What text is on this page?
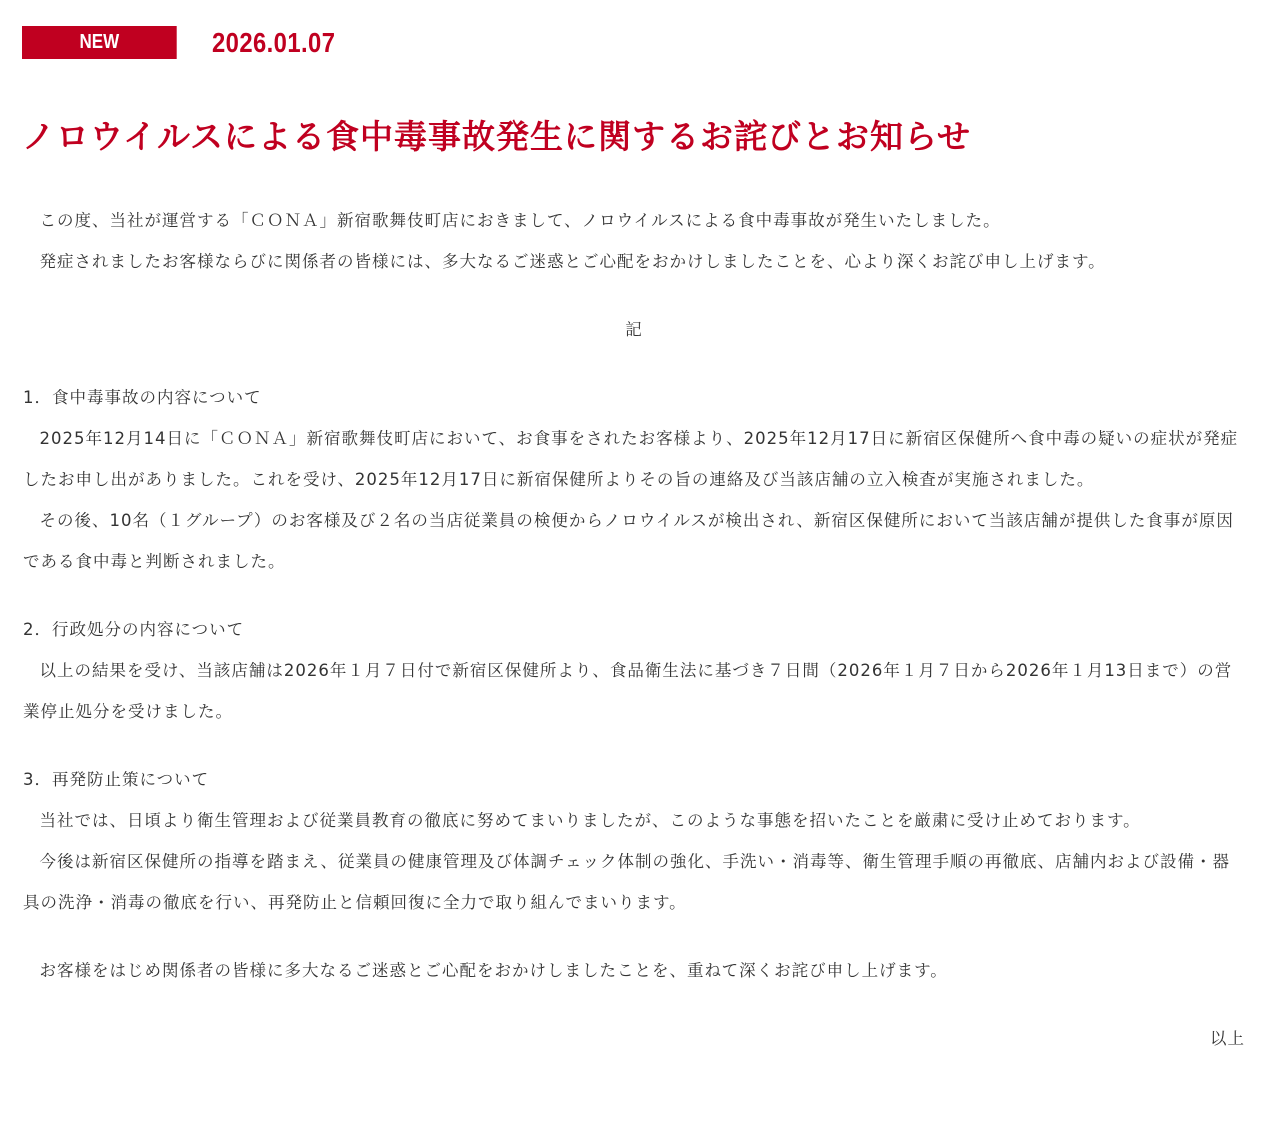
NEW	2026.01.07
ノロウイルスによる食中毒事故発生に関するお詫びとお知らせ

この度、当社が運営する「ＣＯＮＡ」新宿歌舞伎町店におきまして、ノロウイルスによる食中毒事故が発生いたしました。

発症されましたお客様ならびに関係者の皆様には、多大なるご迷惑とご心配をおかけしましたことを、心より深くお詫び申し上げます。

記

1．食中毒事故の内容について

2025年12月14日に「ＣＯＮＡ」新宿歌舞伎町店において、お食事をされたお客様より、2025年12月17日に新宿区保健所へ食中毒の疑いの症状が発症したお申し出がありました。これを受け、2025年12月17日に新宿保健所よりその旨の連絡及び当該店舗の立入検査が実施されました。

その後、10名（１グループ）のお客様及び２名の当店従業員の検便からノロウイルスが検出され、新宿区保健所において当該店舗が提供した食事が原因である食中毒と判断されました。

2．行政処分の内容について

以上の結果を受け、当該店舗は2026年１月７日付で新宿区保健所より、食品衛生法に基づき７日間（2026年１月７日から2026年１月13日まで）の営業停止処分を受けました。

3．再発防止策について

当社では、日頃より衛生管理および従業員教育の徹底に努めてまいりましたが、このような事態を招いたことを厳粛に受け止めております。

今後は新宿区保健所の指導を踏まえ、従業員の健康管理及び体調チェック体制の強化、手洗い・消毒等、衛生管理手順の再徹底、店舗内および設備・器具の洗浄・消毒の徹底を行い、再発防止と信頼回復に全力で取り組んでまいります。

お客様をはじめ関係者の皆様に多大なるご迷惑とご心配をおかけしましたことを、重ねて深くお詫び申し上げます。

以上
